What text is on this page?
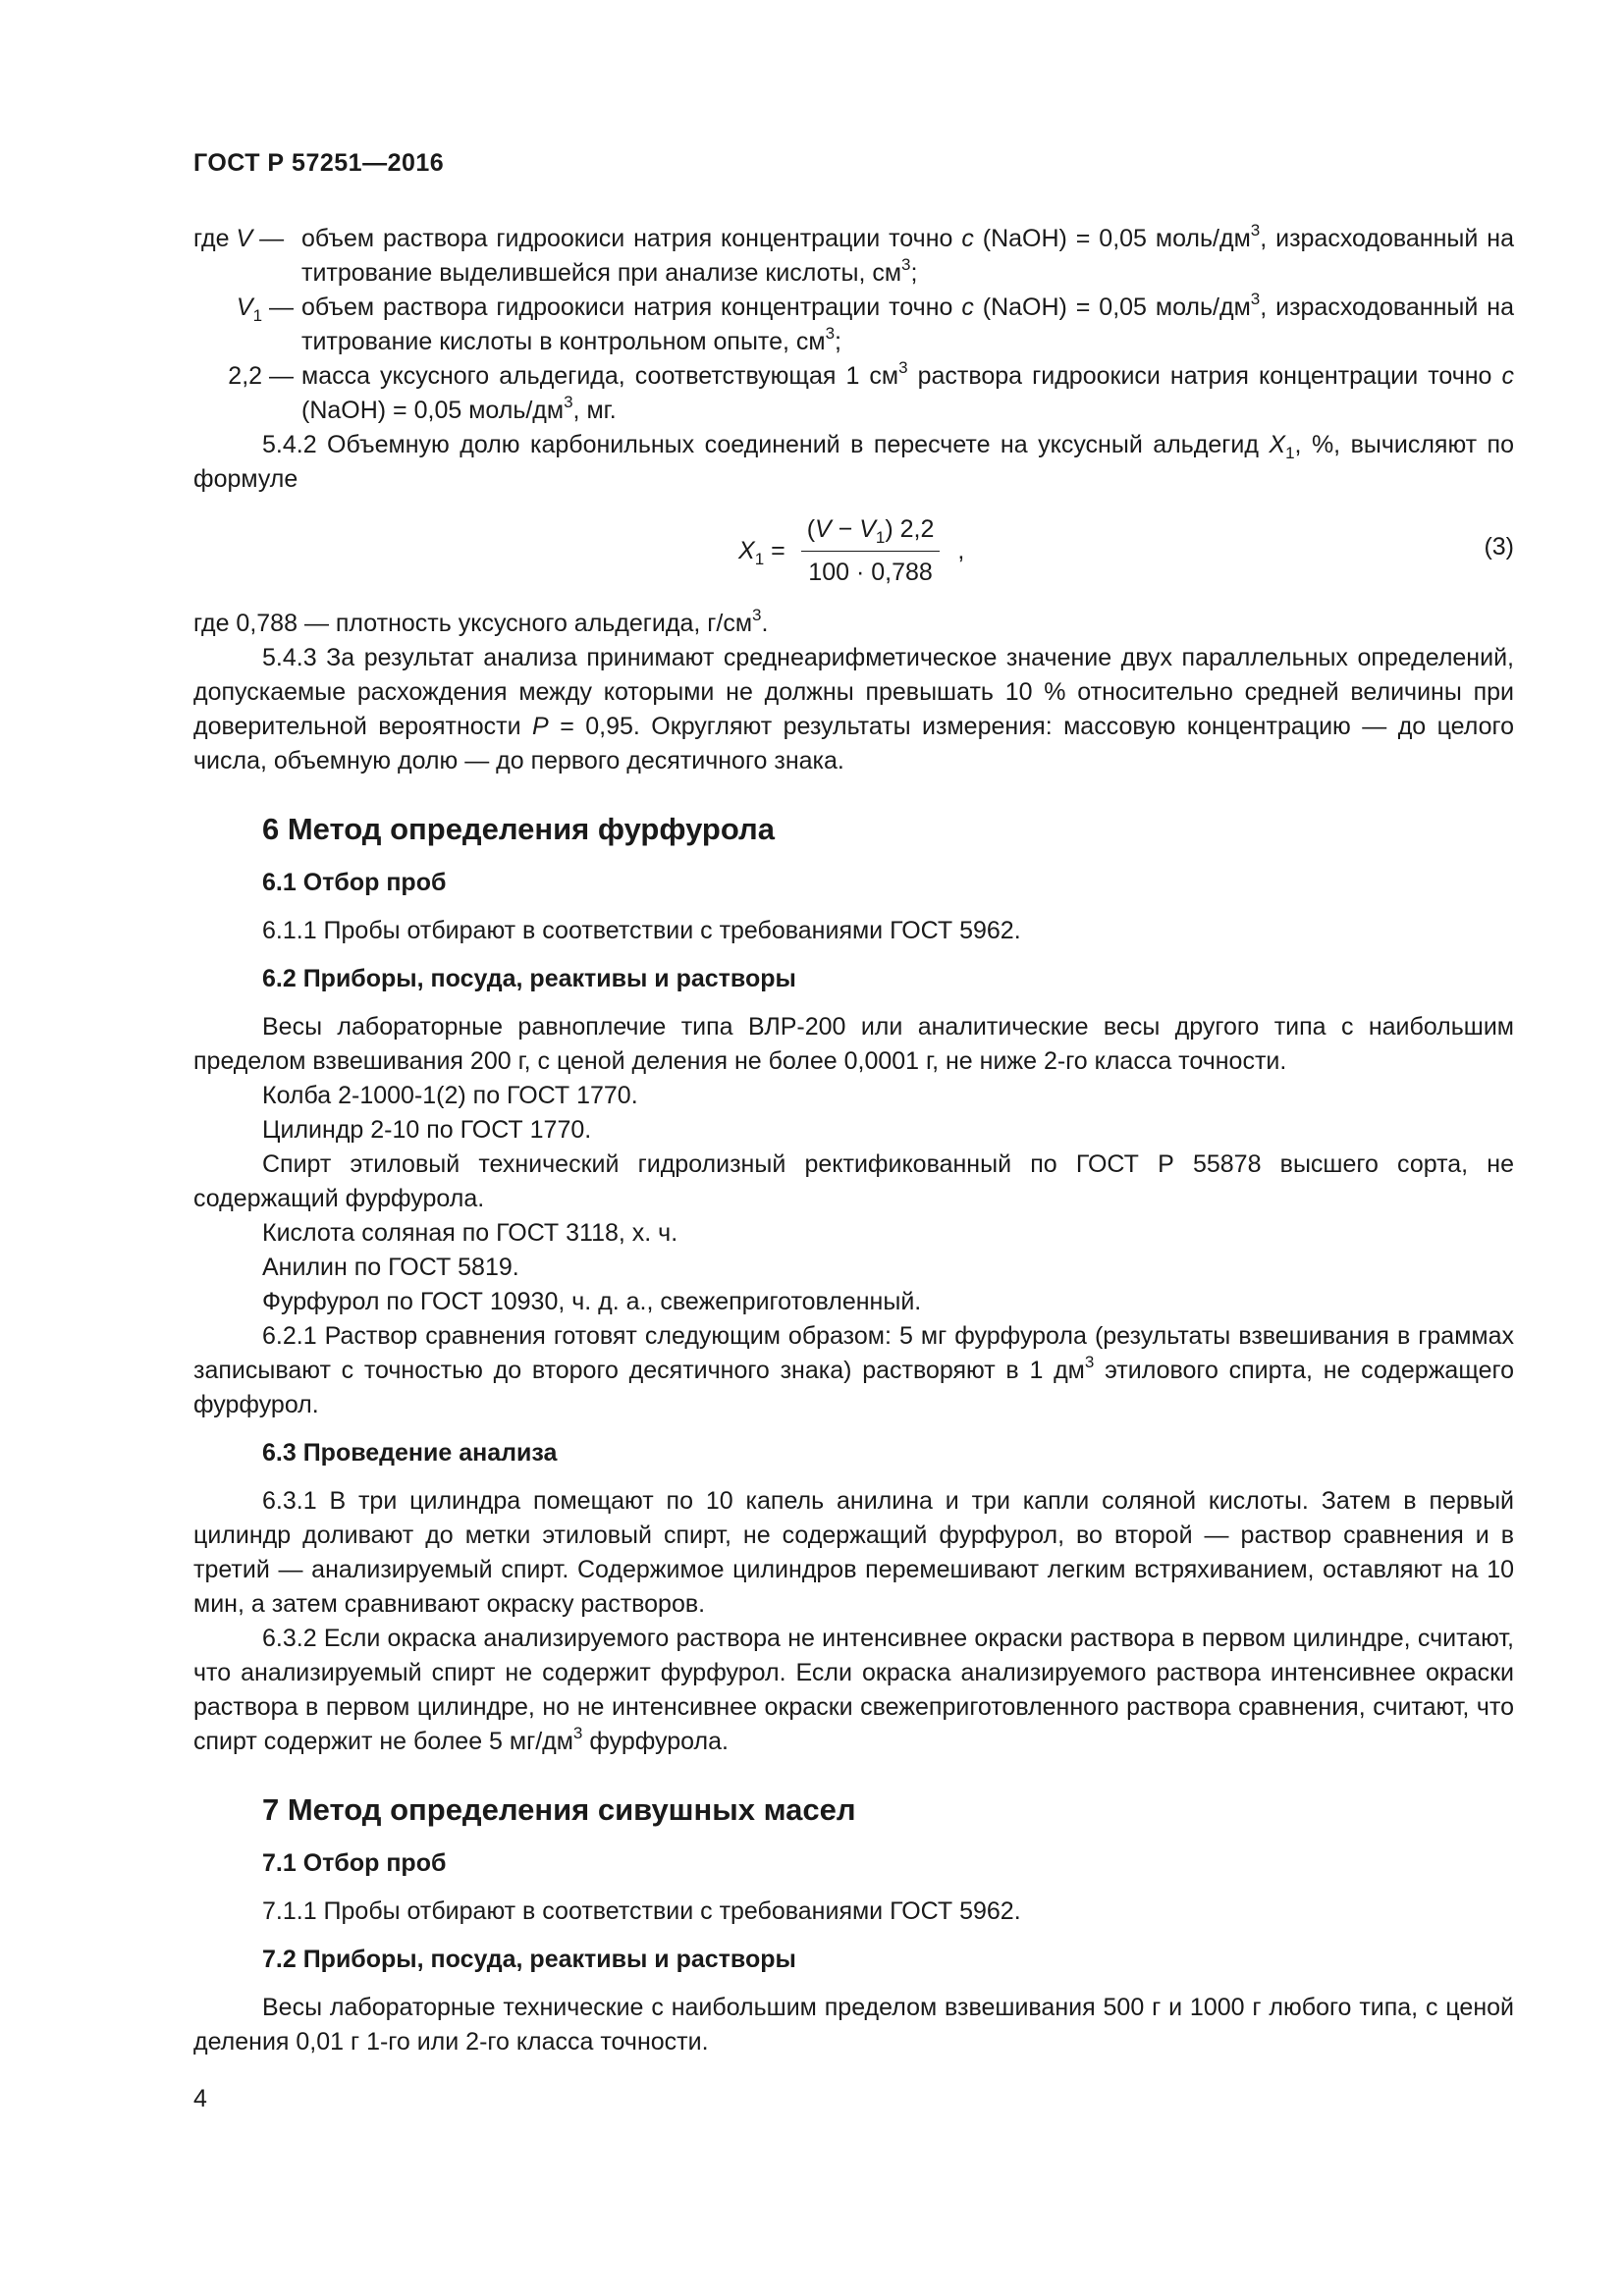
ГОСТ Р 57251—2016
где V — объем раствора гидроокиси натрия концентрации точно c (NaOH) = 0,05 моль/$дм^3$, израсходованный на титрование выделившейся при анализе кислоты, $см^3$;
$V_1$ — объем раствора гидроокиси натрия концентрации точно c (NaOH) = 0,05 моль/$дм^3$, израсходованный на титрование кислоты в контрольном опыте, $см^3$;
2,2 — масса уксусного альдегида, соответствующая 1 $см^3$ раствора гидроокиси натрия концентрации точно c (NaOH) = 0,05 моль/$дм^3$, мг.

5.4.2 Объемную долю карбонильных соединений в пересчете на уксусный альдегид $X_1$, %, вычисляют по формуле

$X_1 = \frac{(V - V_1) 2,2}{100 \cdot 0,788}$ ,	(3)

где 0,788 — плотность уксусного альдегида, $г/см^3$.

5.4.3 За результат анализа принимают среднеарифметическое значение двух параллельных определений, допускаемые расхождения между которыми не должны превышать 10 % относительно средней величины при доверительной вероятности P = 0,95. Округляют результаты измерения: массовую концентрацию — до целого числа, объемную долю — до первого десятичного знака.

6 Метод определения фурфурола
6.1 Отбор проб

6.1.1 Пробы отбирают в соответствии с требованиями ГОСТ 5962.

6.2 Приборы, посуда, реактивы и растворы

Весы лабораторные равноплечие типа ВЛР-200 или аналитические весы другого типа с наибольшим пределом взвешивания 200 г, с ценой деления не более 0,0001 г, не ниже 2-го класса точности.

Колба 2-1000-1(2) по ГОСТ 1770.
Цилиндр 2-10 по ГОСТ 1770.

Спирт этиловый технический гидролизный ректификованный по ГОСТ Р 55878 высшего сорта, не содержащий фурфурола.

Кислота соляная по ГОСТ 3118, х. ч.
Анилин по ГОСТ 5819.
Фурфурол по ГОСТ 10930, ч. д. а., свежеприготовленный.

6.2.1 Раствор сравнения готовят следующим образом: 5 мг фурфурола (результаты взвешивания в граммах записывают с точностью до второго десятичного знака) растворяют в 1 $дм^3$ этилового спирта, не содержащего фурфурол.

6.3 Проведение анализа

6.3.1 В три цилиндра помещают по 10 капель анилина и три капли соляной кислоты. Затем в первый цилиндр доливают до метки этиловый спирт, не содержащий фурфурол, во второй — раствор сравнения и в третий — анализируемый спирт. Содержимое цилиндров перемешивают легким встряхиванием, оставляют на 10 мин, а затем сравнивают окраску растворов.

6.3.2 Если окраска анализируемого раствора не интенсивнее окраски раствора в первом цилиндре, считают, что анализируемый спирт не содержит фурфурол. Если окраска анализируемого раствора интенсивнее окраски раствора в первом цилиндре, но не интенсивнее окраски свежеприготовленного раствора сравнения, считают, что спирт содержит не более 5 $мг/дм^3$ фурфурола.

7 Метод определения сивушных масел
7.1 Отбор проб

7.1.1 Пробы отбирают в соответствии с требованиями ГОСТ 5962.

7.2 Приборы, посуда, реактивы и растворы

Весы лабораторные технические с наибольшим пределом взвешивания 500 г и 1000 г любого типа, с ценой деления 0,01 г 1-го или 2-го класса точности.

4
